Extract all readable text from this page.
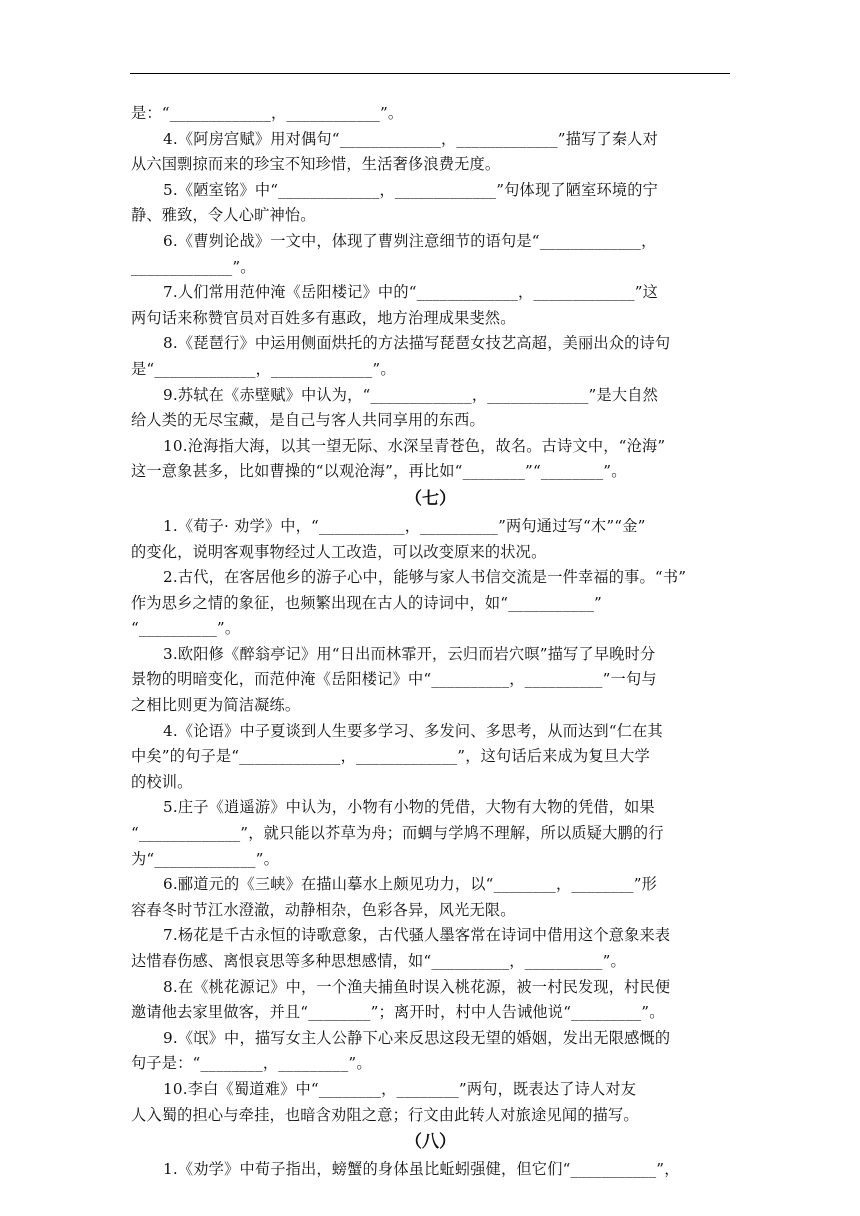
是：“_____________，____________”。
4.《阿房宫赋》用对偶句“_____________，_____________”描写了秦人对
从六国剽掠而来的珍宝不知珍惜，生活奢侈浪费无度。
5.《陋室铭》中“_____________，_____________”句体现了陋室环境的宁
静、雅致，令人心旷神怡。
6.《曹刿论战》一文中，体现了曹刿注意细节的语句是“_____________，
_____________”。
7.人们常用范仲淹《岳阳楼记》中的“_____________，_____________”这
两句话来称赞官员对百姓多有惠政，地方治理成果斐然。
8.《琵琶行》中运用侧面烘托的方法描写琵琶女技艺高超，美丽出众的诗句
是“_____________，_____________”。
9.苏轼在《赤壁赋》中认为，“_____________，_____________”是大自然
给人类的无尽宝藏，是自己与客人共同享用的东西。
10.沧海指大海，以其一望无际、水深呈青苍色，故名。古诗文中，“沧海”
这一意象甚多，比如曹操的“以观沧海”，再比如“________”“________”。
（七）
1.《荀子· 劝学》中，“___________，__________”两句通过写“木”“金”
的变化，说明客观事物经过人工改造，可以改变原来的状况。
2.古代，在客居他乡的游子心中，能够与家人书信交流是一件幸福的事。“书”
作为思乡之情的象征，也频繁出现在古人的诗词中，如“___________”
“__________”。
3.欧阳修《醉翁亭记》用“日出而林霏开，云归而岩穴暝”描写了早晚时分
景物的明暗变化，而范仲淹《岳阳楼记》中“__________，__________”一句与
之相比则更为简洁凝练。
4.《论语》中子夏谈到人生要多学习、多发问、多思考，从而达到“仁在其
中矣”的句子是“_____________，_____________”，这句话后来成为复旦大学
的校训。
5.庄子《逍遥游》中认为，小物有小物的凭借，大物有大物的凭借，如果
“_____________”，就只能以芥草为舟；而蜩与学鸠不理解，所以质疑大鹏的行
为“_____________”。
6.郦道元的《三峡》在描山摹水上颇见功力，以“________，________”形
容春冬时节江水澄澈，动静相杂，色彩各异，风光无限。
7.杨花是千古永恒的诗歌意象，古代骚人墨客常在诗词中借用这个意象来表
达惜春伤感、离恨哀思等多种思想感情，如“__________，__________”。
8.在《桃花源记》中，一个渔夫捕鱼时误入桃花源，被一村民发现，村民便
邀请他去家里做客，并且“________”；离开时，村中人告诫他说“_________”。
9.《氓》中，描写女主人公静下心来反思这段无望的婚姻，发出无限感慨的
句子是：“________，_________”。
10.李白《蜀道难》中“________，________”两句，既表达了诗人对友
人入蜀的担心与牵挂，也暗含劝阻之意；行文由此转人对旅途见闻的描写。
（八）
1.《劝学》中荀子指出，螃蟹的身体虽比蚯蚓强健，但它们“___________”，
